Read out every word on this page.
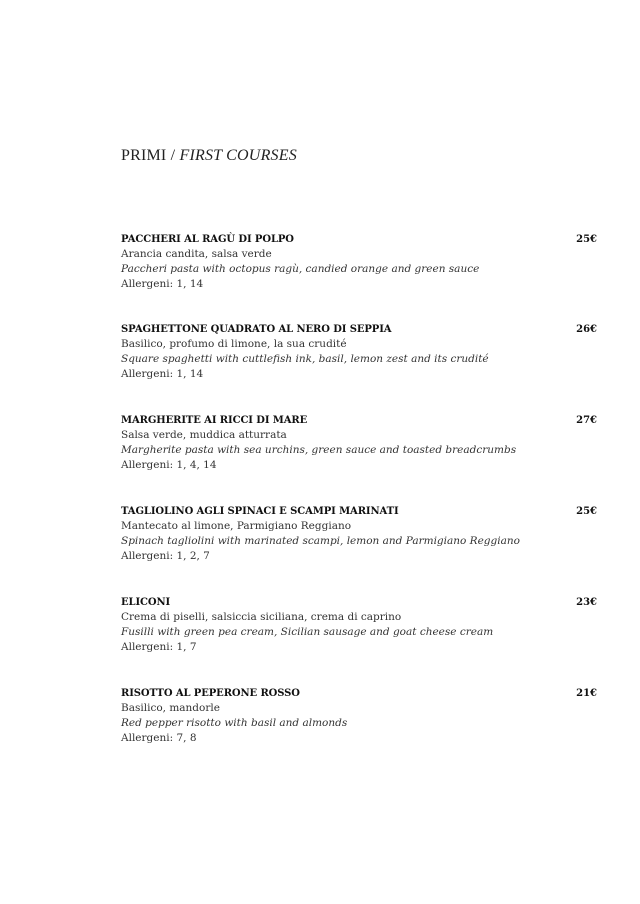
PRIMI / FIRST COURSES
PACCHERI AL RAGÙ DI POLPO	25€
Arancia candita, salsa verde
Paccheri pasta with octopus ragù, candied orange and green sauce
Allergeni: 1, 14
SPAGHETTONE QUADRATO AL NERO DI SEPPIA	26€
Basilico, profumo di limone, la sua crudité
Square spaghetti with cuttlefish ink, basil, lemon zest and its crudité
Allergeni: 1, 14
MARGHERITE AI RICCI DI MARE	27€
Salsa verde, muddica atturrata
Margherite pasta with sea urchins, green sauce and toasted breadcrumbs
Allergeni: 1, 4, 14
TAGLIOLINO AGLI SPINACI E SCAMPI MARINATI	25€
Mantecato al limone, Parmigiano Reggiano
Spinach tagliolini with marinated scampi, lemon and Parmigiano Reggiano
Allergeni: 1, 2, 7
ELICONI	23€
Crema di piselli, salsiccia siciliana, crema di caprino
Fusilli with green pea cream, Sicilian sausage and goat cheese cream
Allergeni: 1, 7
RISOTTO AL PEPERONE ROSSO	21€
Basilico, mandorle
Red pepper risotto with basil and almonds
Allergeni: 7, 8
